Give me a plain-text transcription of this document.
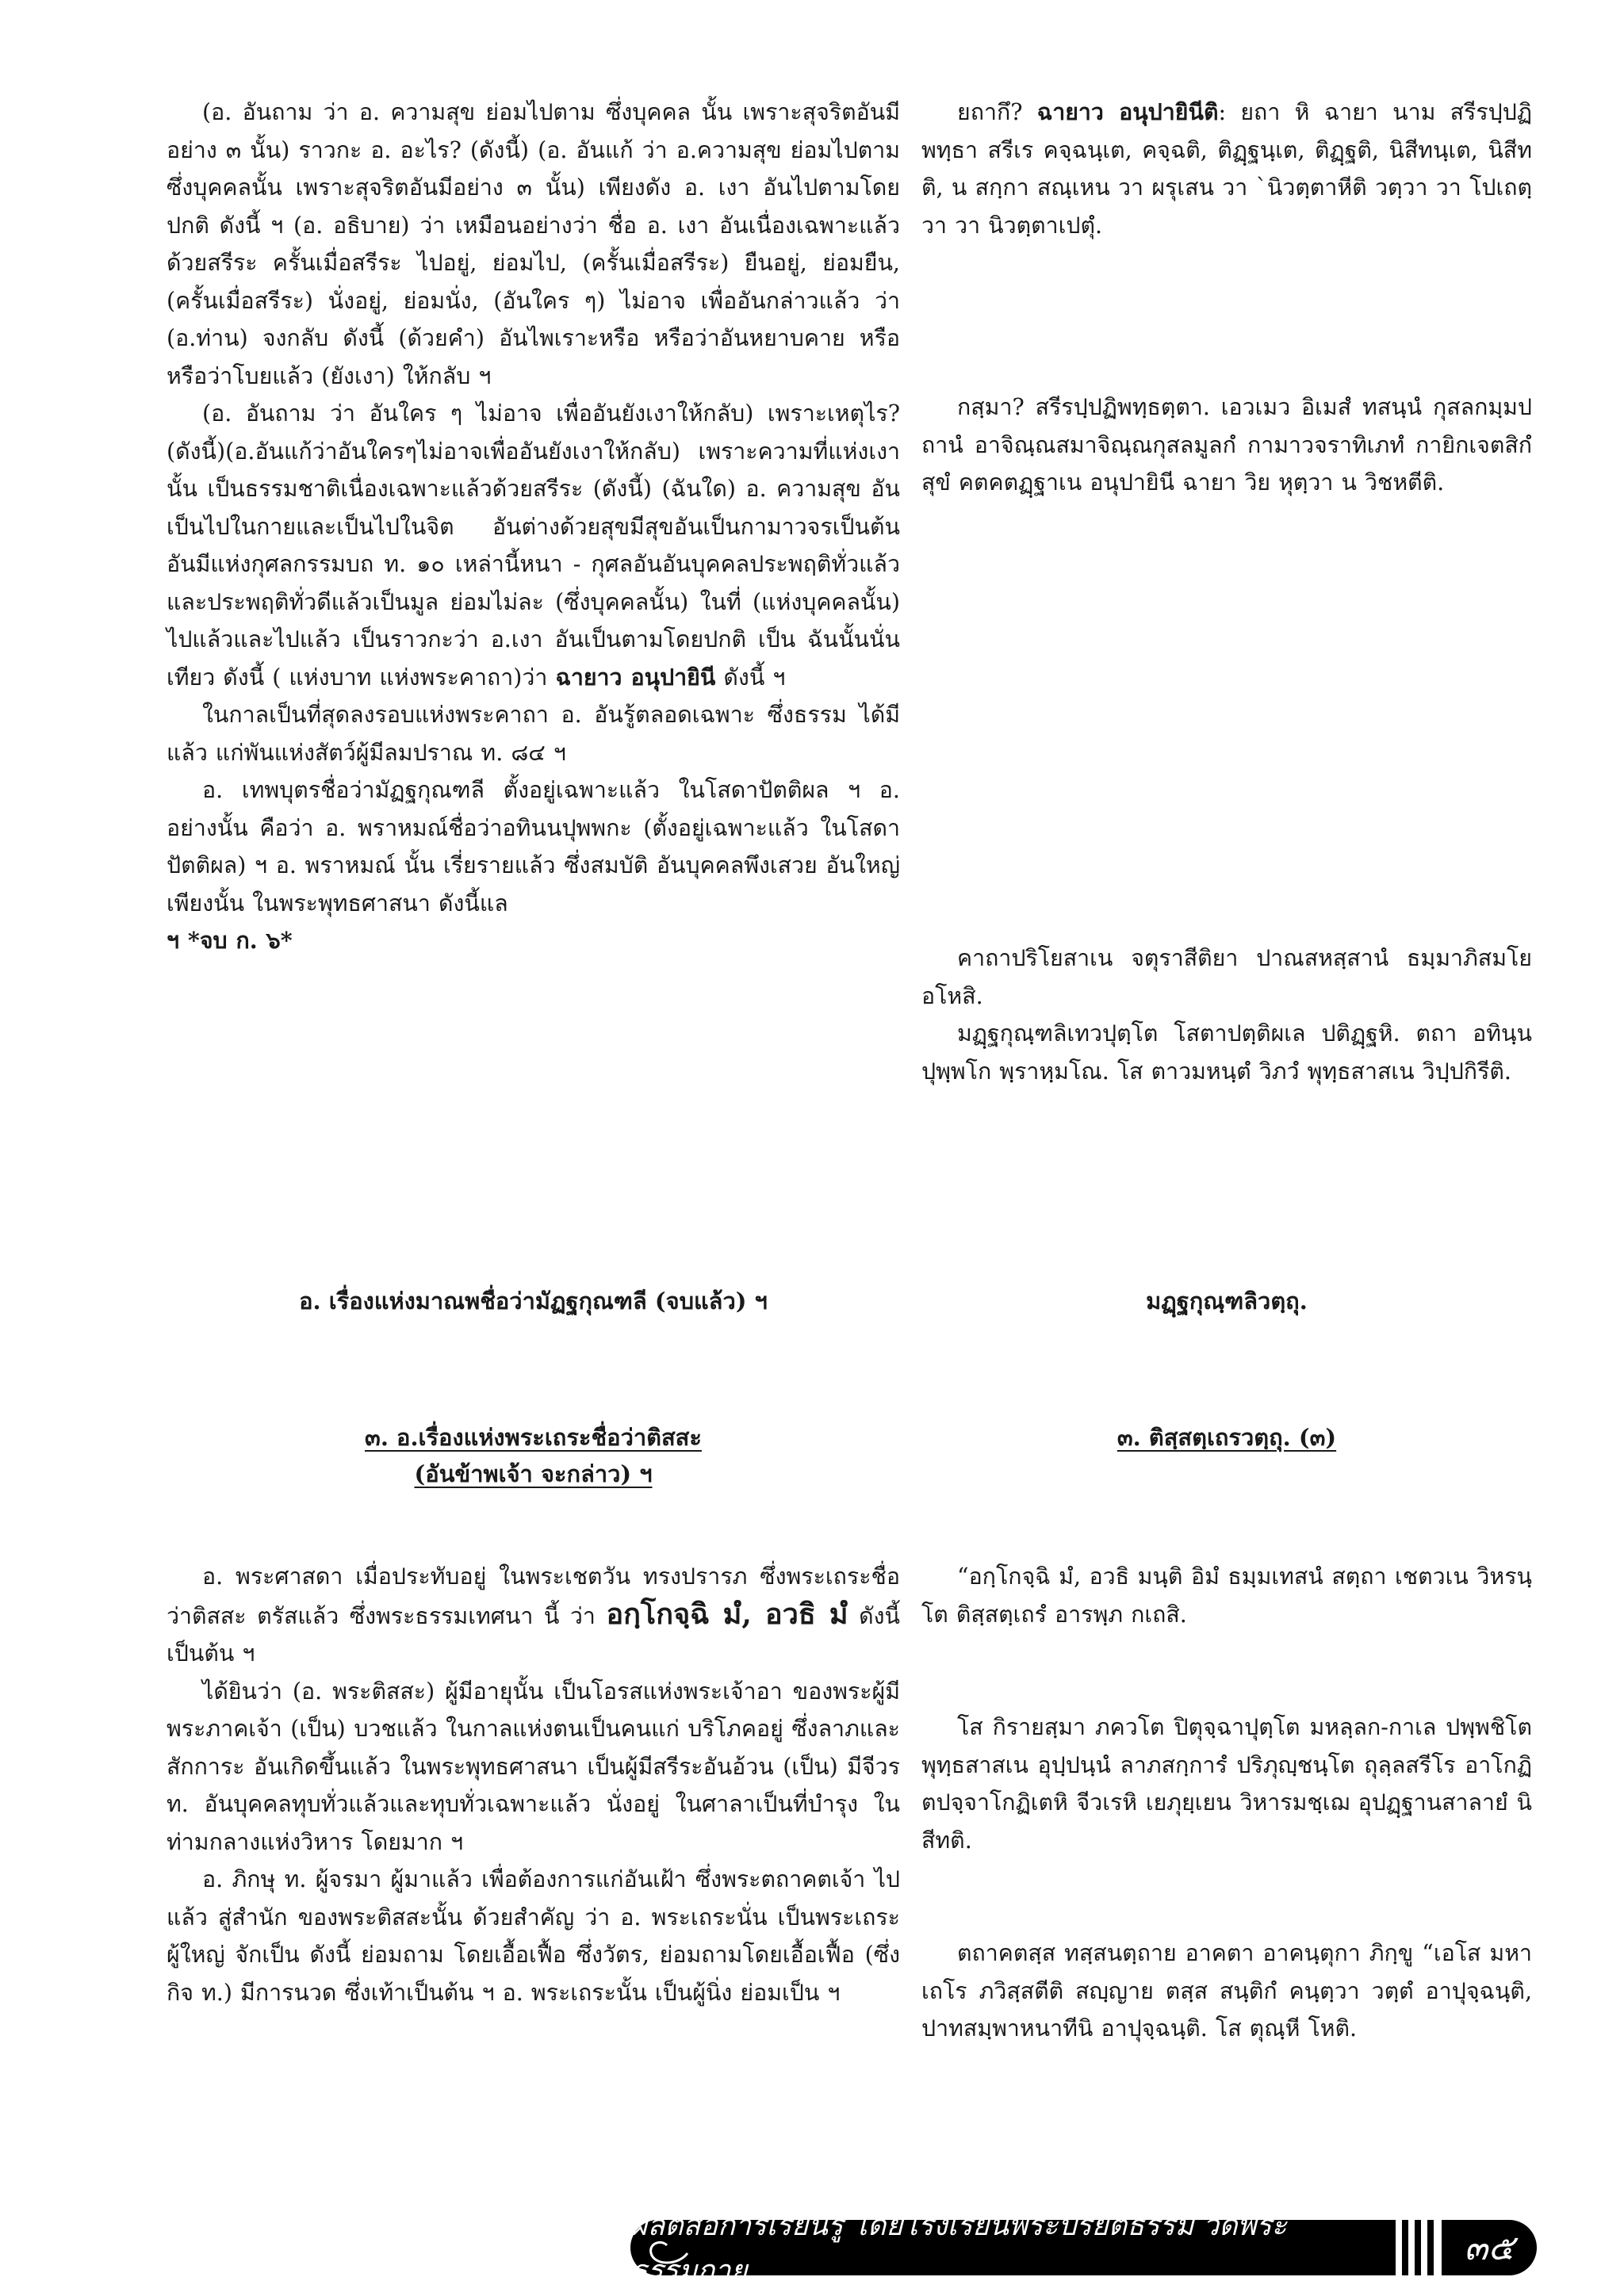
(อ. อันถาม ว่า อ. ความสุข ย่อมไปตาม ซึ่งบุคคล นั้น เพราะสุจริตอันมีอย่าง ๓ นั้น) ราวกะ อ. อะไร? (ดังนี้) (อ. อันแก้ ว่า อ.ความสุข ย่อมไปตาม ซึ่งบุคคลนั้น เพราะสุจริตอันมีอย่าง ๓ นั้น) เพียงดัง อ. เงา อันไปตามโดยปกติ ดังนี้ ฯ (อ. อธิบาย) ว่า เหมือนอย่างว่า ชื่อ อ. เงา อันเนื่องเฉพาะแล้วด้วยสรีระ ครั้นเมื่อสรีระ ไปอยู่, ย่อมไป, (ครั้นเมื่อสรีระ) ยืนอยู่, ย่อมยืน, (ครั้นเมื่อสรีระ) นั่งอยู่, ย่อมนั่ง, (อันใคร ๆ) ไม่อาจ เพื่ออันกล่าวแล้ว ว่า (อ.ท่าน) จงกลับ ดังนี้ (ด้วยคำ) อันไพเราะหรือ หรือว่าอันหยาบคาย หรือ หรือว่าโบยแล้ว (ยังเงา) ให้กลับ ฯ

(อ. อันถาม ว่า อันใคร ๆ ไม่อาจ เพื่ออันยังเงาให้กลับ) เพราะเหตุไร?(ดังนี้)(อ.อันแก้ว่าอันใครๆไม่อาจเพื่ออันยังเงาให้กลับ) เพราะความที่แห่งเงา นั้น เป็นธรรมชาติเนื่องเฉพาะแล้วด้วยสรีระ (ดังนี้) (ฉันใด) อ. ความสุข อันเป็นไปในกายและเป็นไปในจิต อันต่างด้วยสุขมีสุขอันเป็นกามาวจรเป็นต้น อันมีแห่งกุศลกรรมบถ ท. ๑๐ เหล่านี้หนา - กุศลอันอันบุคคลประพฤติทั่วแล้วและประพฤติทั่วดีแล้วเป็นมูล ย่อมไม่ละ (ซึ่งบุคคลนั้น) ในที่ (แห่งบุคคลนั้น) ไปแล้วและไปแล้ว เป็นราวกะว่า อ.เงา อันเป็นตามโดยปกติ เป็น ฉันนั้นนั่นเทียว ดังนี้ ( แห่งบาท แห่งพระคาถา)ว่า ฉายาว อนุปายินี ดังนี้ ฯ

ในกาลเป็นที่สุดลงรอบแห่งพระคาถา อ. อันรู้ตลอดเฉพาะ ซึ่งธรรม ได้มีแล้ว แก่พันแห่งสัตว์ผู้มีลมปราณ ท. ๘๔ ฯ

อ. เทพบุตรชื่อว่ามัฏฐกุณฑลี ตั้งอยู่เฉพาะแล้ว ในโสดาปัตติผล ฯ อ. อย่างนั้น คือว่า อ. พราหมณ์ชื่อว่าอทินนปุพพกะ (ตั้งอยู่เฉพาะแล้ว ในโสดาปัตติผล) ฯ อ. พราหมณ์ นั้น เรี่ยรายแล้ว ซึ่งสมบัติ อันบุคคลพึงเสวย อันใหญ่ เพียงนั้น ในพระพุทธศาสนา ดังนี้แล

ฯ *จบ ก. ๖*

อ. เรื่องแห่งมาณพชื่อว่ามัฏฐกุณฑลี (จบแล้ว) ฯ

๓. อ.เรื่องแห่งพระเถระชื่อว่าติสสะ

(อันข้าพเจ้า จะกล่าว) ฯ

อ. พระศาสดา เมื่อประทับอยู่ ในพระเชตวัน ทรงปรารภ ซึ่งพระเถระชื่อว่าติสสะ ตรัสแล้ว ซึ่งพระธรรมเทศนา นี้ ว่า อกฺโกจฺฉิ มํ, อวธิ มํ ดังนี้เป็นต้น ฯ

ได้ยินว่า (อ. พระติสสะ) ผู้มีอายุนั้น เป็นโอรสแห่งพระเจ้าอา ของพระผู้มีพระภาคเจ้า (เป็น) บวชแล้ว ในกาลแห่งตนเป็นคนแก่ บริโภคอยู่ ซึ่งลาภและสักการะ อันเกิดขึ้นแล้ว ในพระพุทธศาสนา เป็นผู้มีสรีระอันอ้วน (เป็น) มีจีวร ท. อันบุคคลทุบทั่วแล้วและทุบทั่วเฉพาะแล้ว นั่งอยู่ ในศาลาเป็นที่บำรุง ในท่ามกลางแห่งวิหาร โดยมาก ฯ

อ. ภิกษุ ท. ผู้จรมา ผู้มาแล้ว เพื่อต้องการแก่อันเฝ้า ซึ่งพระตถาคตเจ้า ไปแล้ว สู่สำนัก ของพระติสสะนั้น ด้วยสำคัญ ว่า อ. พระเถระนั่น เป็นพระเถระผู้ใหญ่ จักเป็น ดังนี้ ย่อมถาม โดยเอื้อเฟื้อ ซึ่งวัตร, ย่อมถามโดยเอื้อเฟื้อ (ซึ่งกิจ ท.) มีการนวด ซึ่งเท้าเป็นต้น ฯ อ. พระเถระนั้น เป็นผู้นิ่ง ย่อมเป็น ฯ

ยถากึ? ฉายาว อนุปายินีติ: ยถา หิ ฉายา นาม สรีรปฺปฏิพทฺธา สรีเร คจฺฉนฺเต, คจฺฉติ, ติฏฺฐนฺเต, ติฏฺฐติ, นิสีทนฺเต, นิสีทติ, น สกฺกา สณฺเหน วา ผรุเสน วา `นิวตฺตาหีติ วตฺวา วา โปเถตฺวา วา นิวตฺตาเปตุํ.

กสฺมา? สรีรปฺปฏิพทฺธตฺตา. เอวเมว อิเมสํ ทสนฺนํ กุสลกมฺมปถานํ อาจิณฺณสมาจิณฺณกุสลมูลกํ กามาวจราทิเภทํ กายิกเจตสิกํ สุขํ คตคตฏฺฐาเน อนุปายินี ฉายา วิย หุตฺวา น วิชหตีติ.

คาถาปริโยสาเน จตุราสีติยา ปาณสหสฺสานํ ธมฺมาภิสมโย อโหสิ.

มฏฺฐกุณฺฑลิเทวปุตฺโต โสตาปตฺติผเล ปติฏฺฐหิ. ตถา อทินฺนปุพฺพโก พฺราหฺมโณ. โส ตาวมหนฺตํ วิภวํ พุทฺธสาสเน วิปฺปกิรีติ.

มฏฺฐกุณฺฑลิวตฺถุ.

๓. ติสฺสตฺเถรวตฺถุ. (๓)

“อกฺโกจฺฉิ มํ, อวธิ มนฺติ อิมํ ธมฺมเทสนํ สตฺถา เชตวเน วิหรนฺโต ติสฺสตฺเถรํ อารพฺภ กเถสิ.

โส กิรายสฺมา ภควโต ปิตุจฺฉาปุตฺโต มหลฺลก-กาเล ปพฺพชิโต พุทฺธสาสเน อุปฺปนฺนํ ลาภสกฺการํ ปริภุญฺชนฺโต ถุลฺลสรีโร อาโกฏิตปจฺจาโกฏิเตหิ จีวเรหิ เยภุยฺเยน วิหารมชฺเฌ อุปฏฺฐานสาลายํ นิสีทติ.

ตถาคตสฺส ทสฺสนตฺถาย อาคตา อาคนฺตุกา ภิกฺขู “เอโส มหาเถโร ภวิสฺสตีติ สญฺญาย ตสฺส สนฺติกํ คนฺตฺวา วตฺตํ อาปุจฺฉนฺติ, ปาทสมฺพาหนาทีนิ อาปุจฺฉนฺติ. โส ตุณฺหี โหติ.

ผลิตสื่อการเรียนรู้ โดยโรงเรียนพระปริยัติธรรม วัดพระธรรมกาย
๓๕
